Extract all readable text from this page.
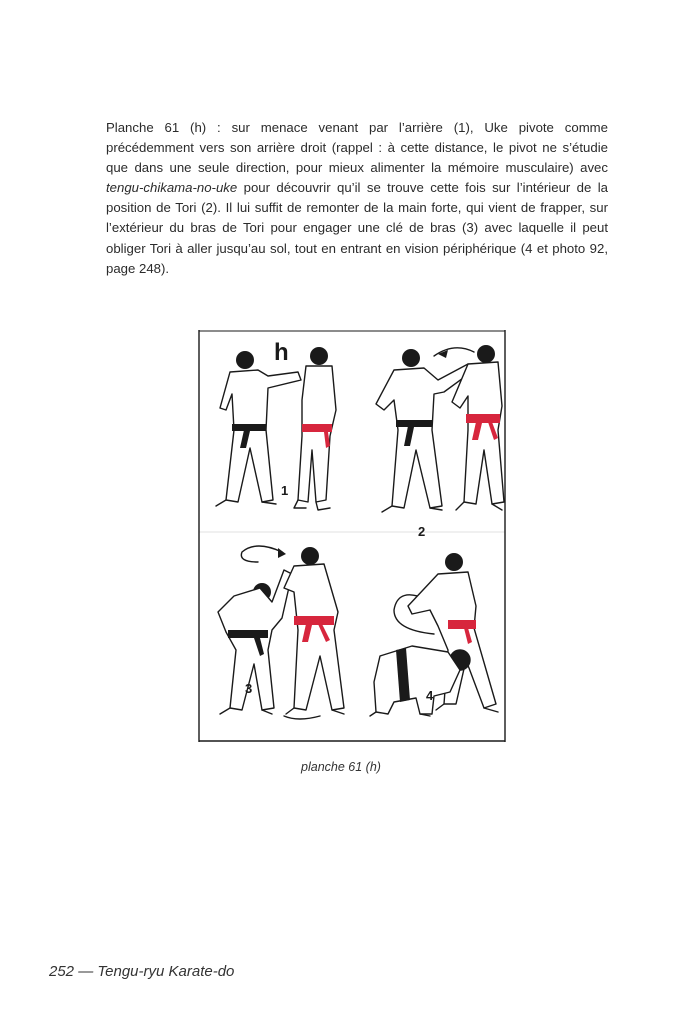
Planche 61 (h) : sur menace venant par l’arrière (1), Uke pivote comme précédemment vers son arrière droit (rappel : à cette distance, le pivot ne s’étudie que dans une seule direction, pour mieux alimenter la mémoire musculaire) avec tengu-chikama-no-uke pour découvrir qu’il se trouve cette fois sur l’intérieur de la position de Tori (2). Il lui suffit de remonter de la main forte, qui vient de frapper, sur l’extérieur du bras de Tori pour engager une clé de bras (3) avec laquelle il peut obliger Tori à aller jusqu’au sol, tout en entrant en vision périphérique (4 et photo 92, page 248).
h
1
2
3	4
planche 61 (h)
252 — Tengu-ryu Karate-do
